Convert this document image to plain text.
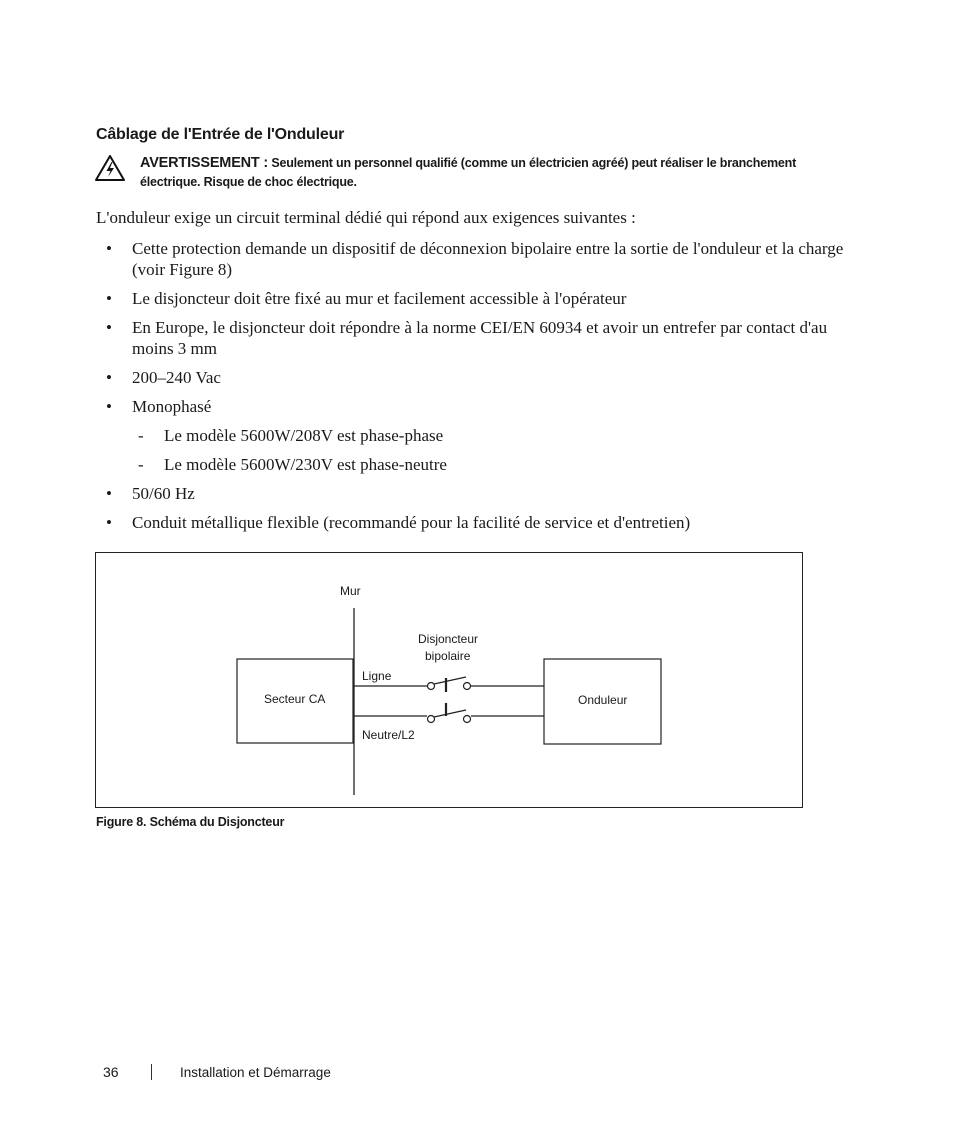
Câblage de l'Entrée de l'Onduleur
AVERTISSEMENT : Seulement un personnel qualifié (comme un électricien agréé) peut réaliser le branchement électrique. Risque de choc électrique.

L'onduleur exige un circuit terminal dédié qui répond aux exigences suivantes :

• Cette protection demande un dispositif de déconnexion bipolaire entre la sortie de l'onduleur et la charge (voir Figure 8)
• Le disjoncteur doit être fixé au mur et facilement accessible à l'opérateur
• En Europe, le disjoncteur doit répondre à la norme CEI/EN 60934 et avoir un entrefer par contact d'au moins 3 mm
• 200–240 Vac
• Monophasé
- Le modèle 5600W/208V est phase-phase
- Le modèle 5600W/230V est phase-neutre
• 50/60 Hz
• Conduit métallique flexible (recommandé pour la facilité de service et d'entretien)
Mur
Disjoncteur
bipolaire
Secteur CA
Ligne
Neutre/L2
Onduleur
Figure 8. Schéma du Disjoncteur
36	Installation et Démarrage
